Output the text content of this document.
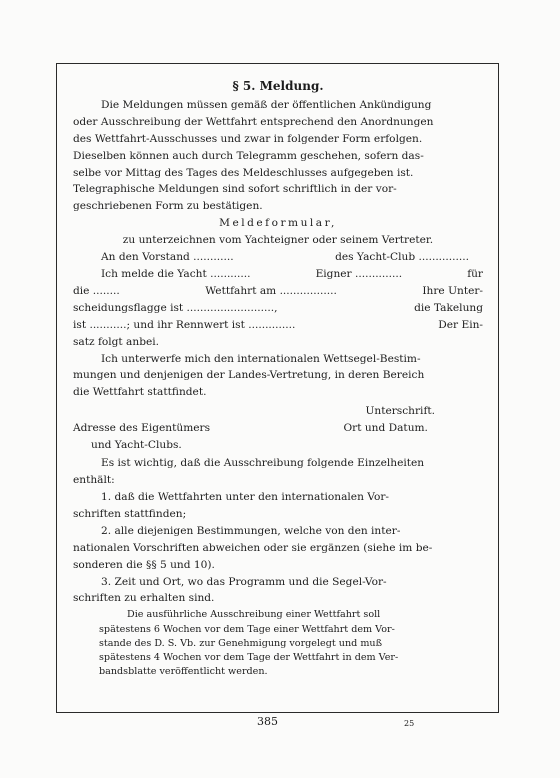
§ 5. Meldung.

Die Meldungen müssen gemäß der öffentlichen Ankündigung

oder Ausschreibung der Wettfahrt entsprechend den Anordnungen

des Wettfahrt-Ausschusses und zwar in folgender Form erfolgen.

Dieselben können auch durch Telegramm geschehen, sofern das-

selbe vor Mittag des Tages des Meldeschlusses aufgegeben ist.

Telegraphische Meldungen sind sofort schriftlich in der vor-

geschriebenen Form zu bestätigen.

Meldeformular,

zu unterzeichnen vom Yachteigner oder seinem Vertreter.

An den Vorstand ............	des Yacht-Club ...............
Ich melde die Yacht ............	Eigner ..............	für
die ........	Wettfahrt am .................	Ihre Unter-
scheidungsflagge ist ..........................,	die Takelung
ist ...........; und ihr Rennwert ist ..............	Der Ein-
satz folgt anbei.

Ich unterwerfe mich den internationalen Wettsegel-Bestim-

mungen und denjenigen der Landes-Vertretung, in deren Bereich

die Wettfahrt stattfindet.

Unterschrift.
Ort und Datum.
Adresse des Eigentümers
und Yacht-Clubs.

Es ist wichtig, daß die Ausschreibung folgende Einzelheiten

enthält:

1. daß die Wettfahrten unter den internationalen Vor-

schriften stattfinden;

2. alle diejenigen Bestimmungen, welche von den inter-

nationalen Vorschriften abweichen oder sie ergänzen (siehe im be-

sonderen die §§ 5 und 10).

3. Zeit und Ort, wo das Programm und die Segel-Vor-

schriften zu erhalten sind.

Die ausführliche Ausschreibung einer Wettfahrt soll

spätestens 6 Wochen vor dem Tage einer Wettfahrt dem Vor-

stande des D. S. Vb. zur Genehmigung vorgelegt und muß

spätestens 4 Wochen vor dem Tage der Wettfahrt in dem Ver-

bandsblatte veröffentlicht werden.

385	25
